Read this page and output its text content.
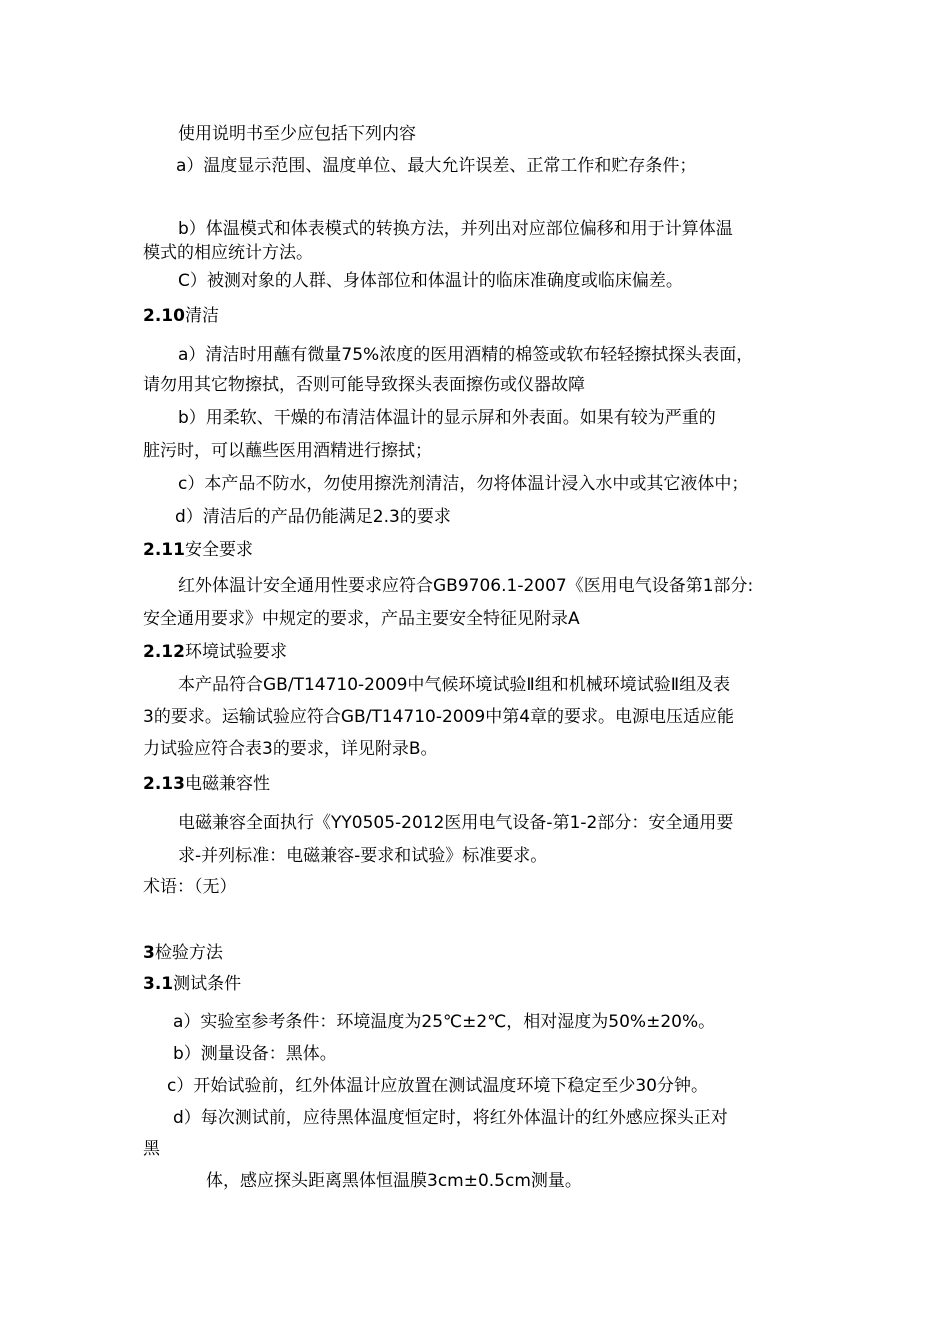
使用说明书至少应包括下列内容
a）温度显示范围、温度单位、最大允许误差、正常工作和贮存条件；
b）体温模式和体表模式的转换方法，并列出对应部位偏移和用于计算体温
模式的相应统计方法。
C）被测对象的人群、身体部位和体温计的临床准确度或临床偏差。
2.10清洁
a）清洁时用蘸有微量75%浓度的医用酒精的棉签或软布轻轻擦拭探头表面，
请勿用其它物擦拭，否则可能导致探头表面擦伤或仪器故障
b）用柔软、干燥的布清洁体温计的显示屏和外表面。如果有较为严重的
脏污时，可以蘸些医用酒精进行擦拭；
c）本产品不防水，勿使用擦洗剂清洁，勿将体温计浸入水中或其它液体中；
d）清洁后的产品仍能满足2.3的要求
2.11安全要求
红外体温计安全通用性要求应符合GB9706.1-2007《医用电气设备第1部分:
安全通用要求》中规定的要求，产品主要安全特征见附录A
2.12环境试验要求
本产品符合GB/T14710-2009中气候环境试验Ⅱ组和机械环境试验Ⅱ组及表
3的要求。运输试验应符合GB/T14710-2009中第4章的要求。电源电压适应能
力试验应符合表3的要求，详见附录B。
2.13电磁兼容性
电磁兼容全面执行《YY0505-2012医用电气设备-第1-2部分：安全通用要
求-并列标准：电磁兼容-要求和试验》标准要求。
术语：（无）
3检验方法
3.1测试条件
a）实验室参考条件：环境温度为25℃±2℃，相对湿度为50%±20%。
b）测量设备：黑体。
c）开始试验前，红外体温计应放置在测试温度环境下稳定至少30分钟。
d）每次测试前，应待黑体温度恒定时，将红外体温计的红外感应探头正对
黑
体，感应探头距离黑体恒温膜3cm±0.5cm测量。
